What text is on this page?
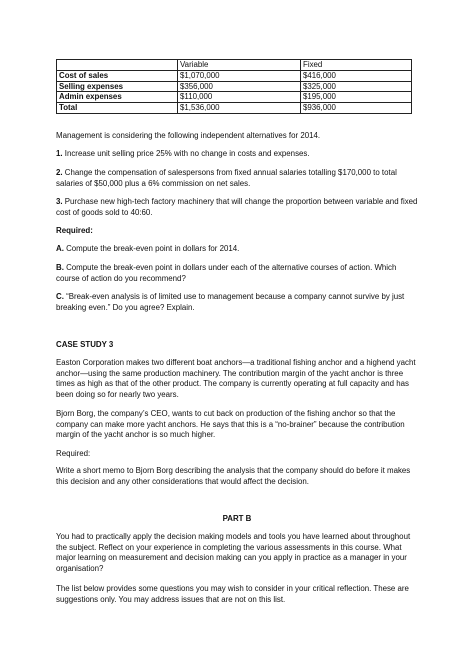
	Variable	Fixed
Cost of sales	$1,070,000	$416,000
Selling expenses	$356,000	$325,000
Admin expenses	$110,000	$195,000
Total	$1,536,000	$936,000

Management is considering the following independent alternatives for 2014.

1. Increase unit selling price 25% with no change in costs and expenses.

2. Change the compensation of salespersons from fixed annual salaries totalling $170,000 to total salaries of $50,000 plus a 6% commission on net sales.

3. Purchase new high-tech factory machinery that will change the proportion between variable and fixed cost of goods sold to 40:60.

Required:

A. Compute the break-even point in dollars for 2014.

B. Compute the break-even point in dollars under each of the alternative courses of action. Which course of action do you recommend?

C. “Break-even analysis is of limited use to management because a company cannot survive by just breaking even.” Do you agree? Explain.

CASE STUDY 3

Easton Corporation makes two different boat anchors—a traditional fishing anchor and a highend yacht anchor—using the same production machinery. The contribution margin of the yacht anchor is three times as high as that of the other product. The company is currently operating at full capacity and has been doing so for nearly two years.

Bjorn Borg, the company’s CEO, wants to cut back on production of the fishing anchor so that the company can make more yacht anchors. He says that this is a “no-brainer” because the contribution margin of the yacht anchor is so much higher.

Required:

Write a short memo to Bjorn Borg describing the analysis that the company should do before it makes this decision and any other considerations that would affect the decision.

PART B

You had to practically apply the decision making models and tools you have learned about throughout the subject. Reflect on your experience in completing the various assessments in this course. What major learning on measurement and decision making can you apply in practice as a manager in your organisation?

The list below provides some questions you may wish to consider in your critical reflection. These are suggestions only. You may address issues that are not on this list.
